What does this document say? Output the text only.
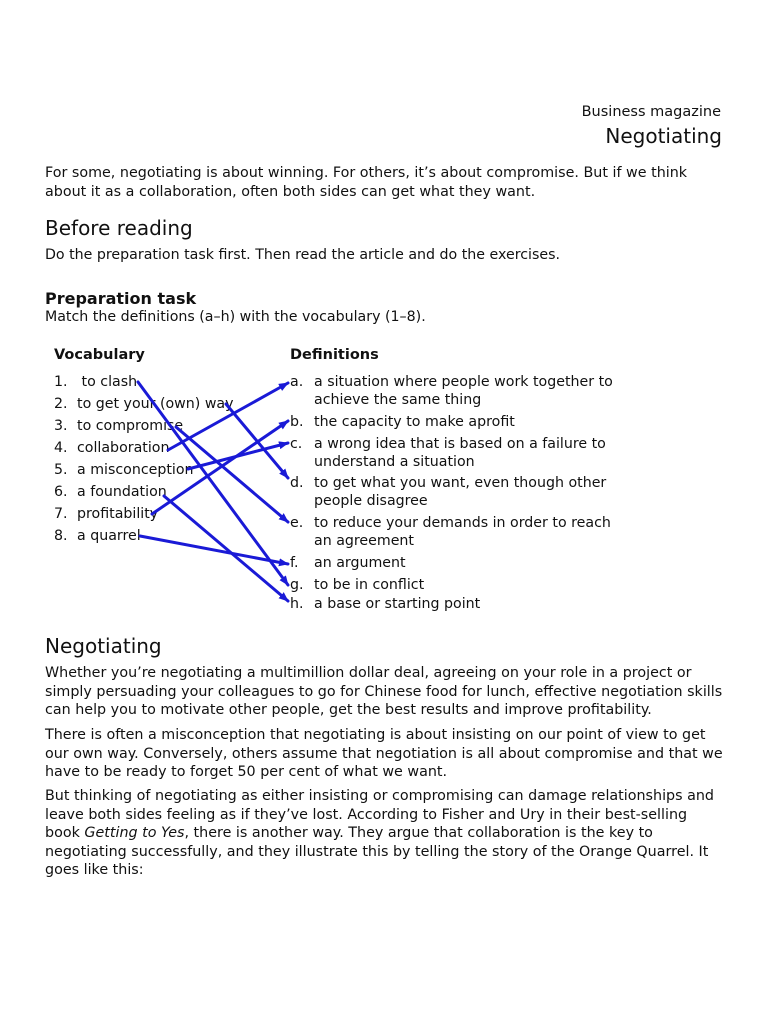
Business magazine
Negotiating
For some, negotiating is about winning. For others, it’s about compromise. But if we think about it as a collaboration, often both sides can get what they want.
Before reading
Do the preparation task first. Then read the article and do the exercises.
Preparation task
Match the definitions (a–h) with the vocabulary (1–8).
Vocabulary	Definitions
1. to clash
2. to get your (own) way
3. to compromise
4. collaboration
5. a misconception
6. a foundation
7. profitability
8. a quarrel
a. a situation where people work together to
achieve the same thing
b. the capacity to make aprofit
c. a wrong idea that is based on a failure to
understand a situation
d. to get what you want, even though other
people disagree
e. to reduce your demands in order to reach
an agreement
f. an argument
g. to be in conflict
h. a base or starting point
Negotiating
Whether you’re negotiating a multimillion dollar deal, agreeing on your role in a project or simply persuading your colleagues to go for Chinese food for lunch, effective negotiation skills can help you to motivate other people, get the best results and improve profitability.
There is often a misconception that negotiating is about insisting on our point of view to get our own way. Conversely, others assume that negotiation is all about compromise and that we have to be ready to forget 50 per cent of what we want.
But thinking of negotiating as either insisting or compromising can damage relationships and leave both sides feeling as if they’ve lost. According to Fisher and Ury in their best-selling book Getting to Yes, there is another way. They argue that collaboration is the key to negotiating successfully, and they illustrate this by telling the story of the Orange Quarrel. It goes like this:
